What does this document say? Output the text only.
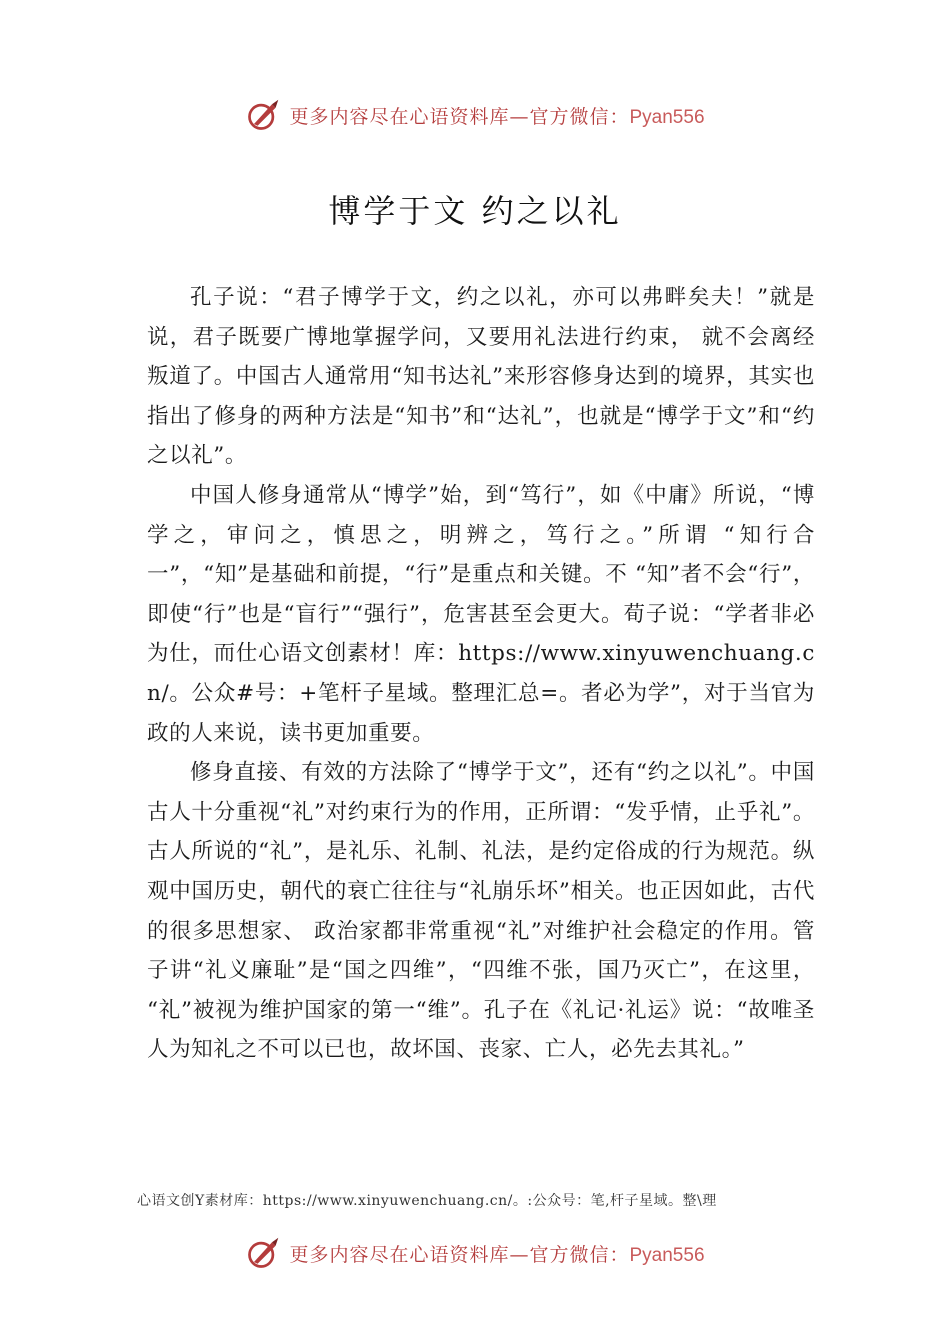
更多内容尽在心语资料库—官方微信：Pyan556
博学于文 约之以礼

孔子说：“君子博学于文，约之以礼，亦可以弗畔矣夫！”就是说，君子既要广博地掌握学问，又要用礼法进行约束， 就不会离经叛道了。中国古人通常用“知书达礼”来形容修身达到的境界，其实也指出了修身的两种方法是“知书”和“达礼”，也就是“博学于文”和“约之以礼”。

中国人修身通常从“博学”始，到“笃行”，如《中庸》所说，“博学之，审问之，慎思之，明辨之，笃行之。”所谓 “知行合一”，“知”是基础和前提，“行”是重点和关键。不 “知”者不会“行”，即使“行”也是“盲行”“强行”，危害甚至会更大。荀子说：“学者非必为仕，而仕心语文创素材！库：https://www.xinyuwenchuang.cn/。公众#号：+笔杆子星域。整理汇总=。者必为学”，对于当官为政的人来说，读书更加重要。

修身直接、有效的方法除了“博学于文”，还有“约之以礼”。中国古人十分重视“礼”对约束行为的作用，正所谓：“发乎情，止乎礼”。古人所说的“礼”，是礼乐、礼制、礼法，是约定俗成的行为规范。纵观中国历史，朝代的衰亡往往与“礼崩乐坏”相关。也正因如此，古代的很多思想家、 政治家都非常重视“礼”对维护社会稳定的作用。管子讲“礼义廉耻”是“国之四维”，“四维不张，国乃灭亡”，在这里， “礼”被视为维护国家的第一“维”。孔子在《礼记·礼运》说：“故唯圣人为知礼之不可以已也，故坏国、丧家、亡人，必先去其礼。”

心语文创Y素材库：https://www.xinyuwenchuang.cn/。:公众号：笔,杆子星域。整\理
更多内容尽在心语资料库—官方微信：Pyan556
